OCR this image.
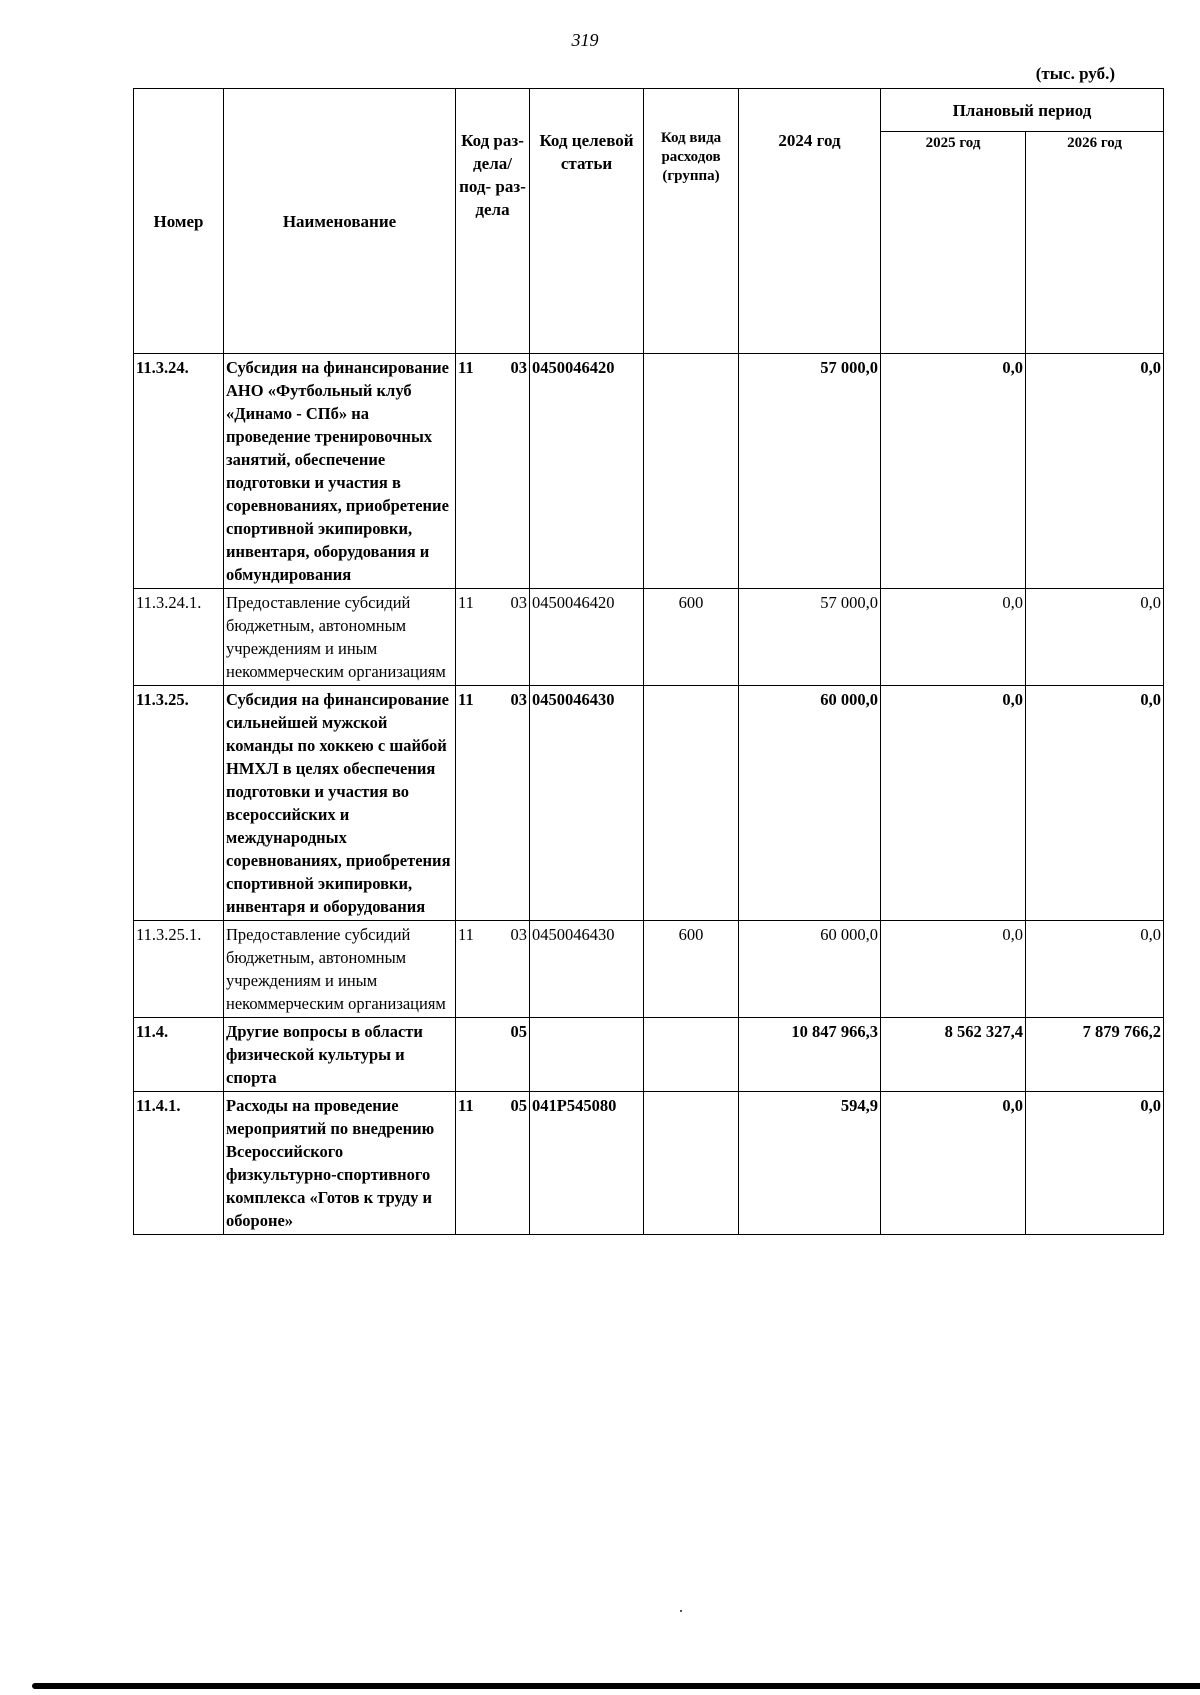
319
(тыс. руб.)
Номер	Наименование	Код раз- дела/ под- раз- дела	Код целевой статьи	Код вида расходов (группа)	2024 год	Плановый период	
						2025 год	2026 год
11.3.24.	Субсидия на финансирование АНО «Футбольный клуб «Динамо - СПб» на проведение тренировочных занятий, обеспечение подготовки и участия в соревнованиях, приобретение спортивной экипировки, инвентаря, оборудования и обмундирования	11 03	0450046420		57 000,0	0,0	0,0
11.3.24.1.	Предоставление субсидий бюджетным, автономным учреждениям и иным некоммерческим организациям	11 03	0450046420	600	57 000,0	0,0	0,0
11.3.25.	Субсидия на финансирование сильнейшей мужской команды по хоккею с шайбой НМХЛ в целях обеспечения подготовки и участия во всероссийских и международных соревнованиях, приобретения спортивной экипировки, инвентаря и оборудования	11 03	0450046430		60 000,0	0,0	0,0
11.3.25.1.	Предоставление субсидий бюджетным, автономным учреждениям и иным некоммерческим организациям	11 03	0450046430	600	60 000,0	0,0	0,0
11.4.	Другие вопросы в области физической культуры и спорта	05			10 847 966,3	8 562 327,4	7 879 766,2
11.4.1.	Расходы на проведение мероприятий по внедрению Всероссийского физкультурно-спортивного комплекса «Готов к труду и обороне»	11 05	041P545080		594,9	0,0	0,0
